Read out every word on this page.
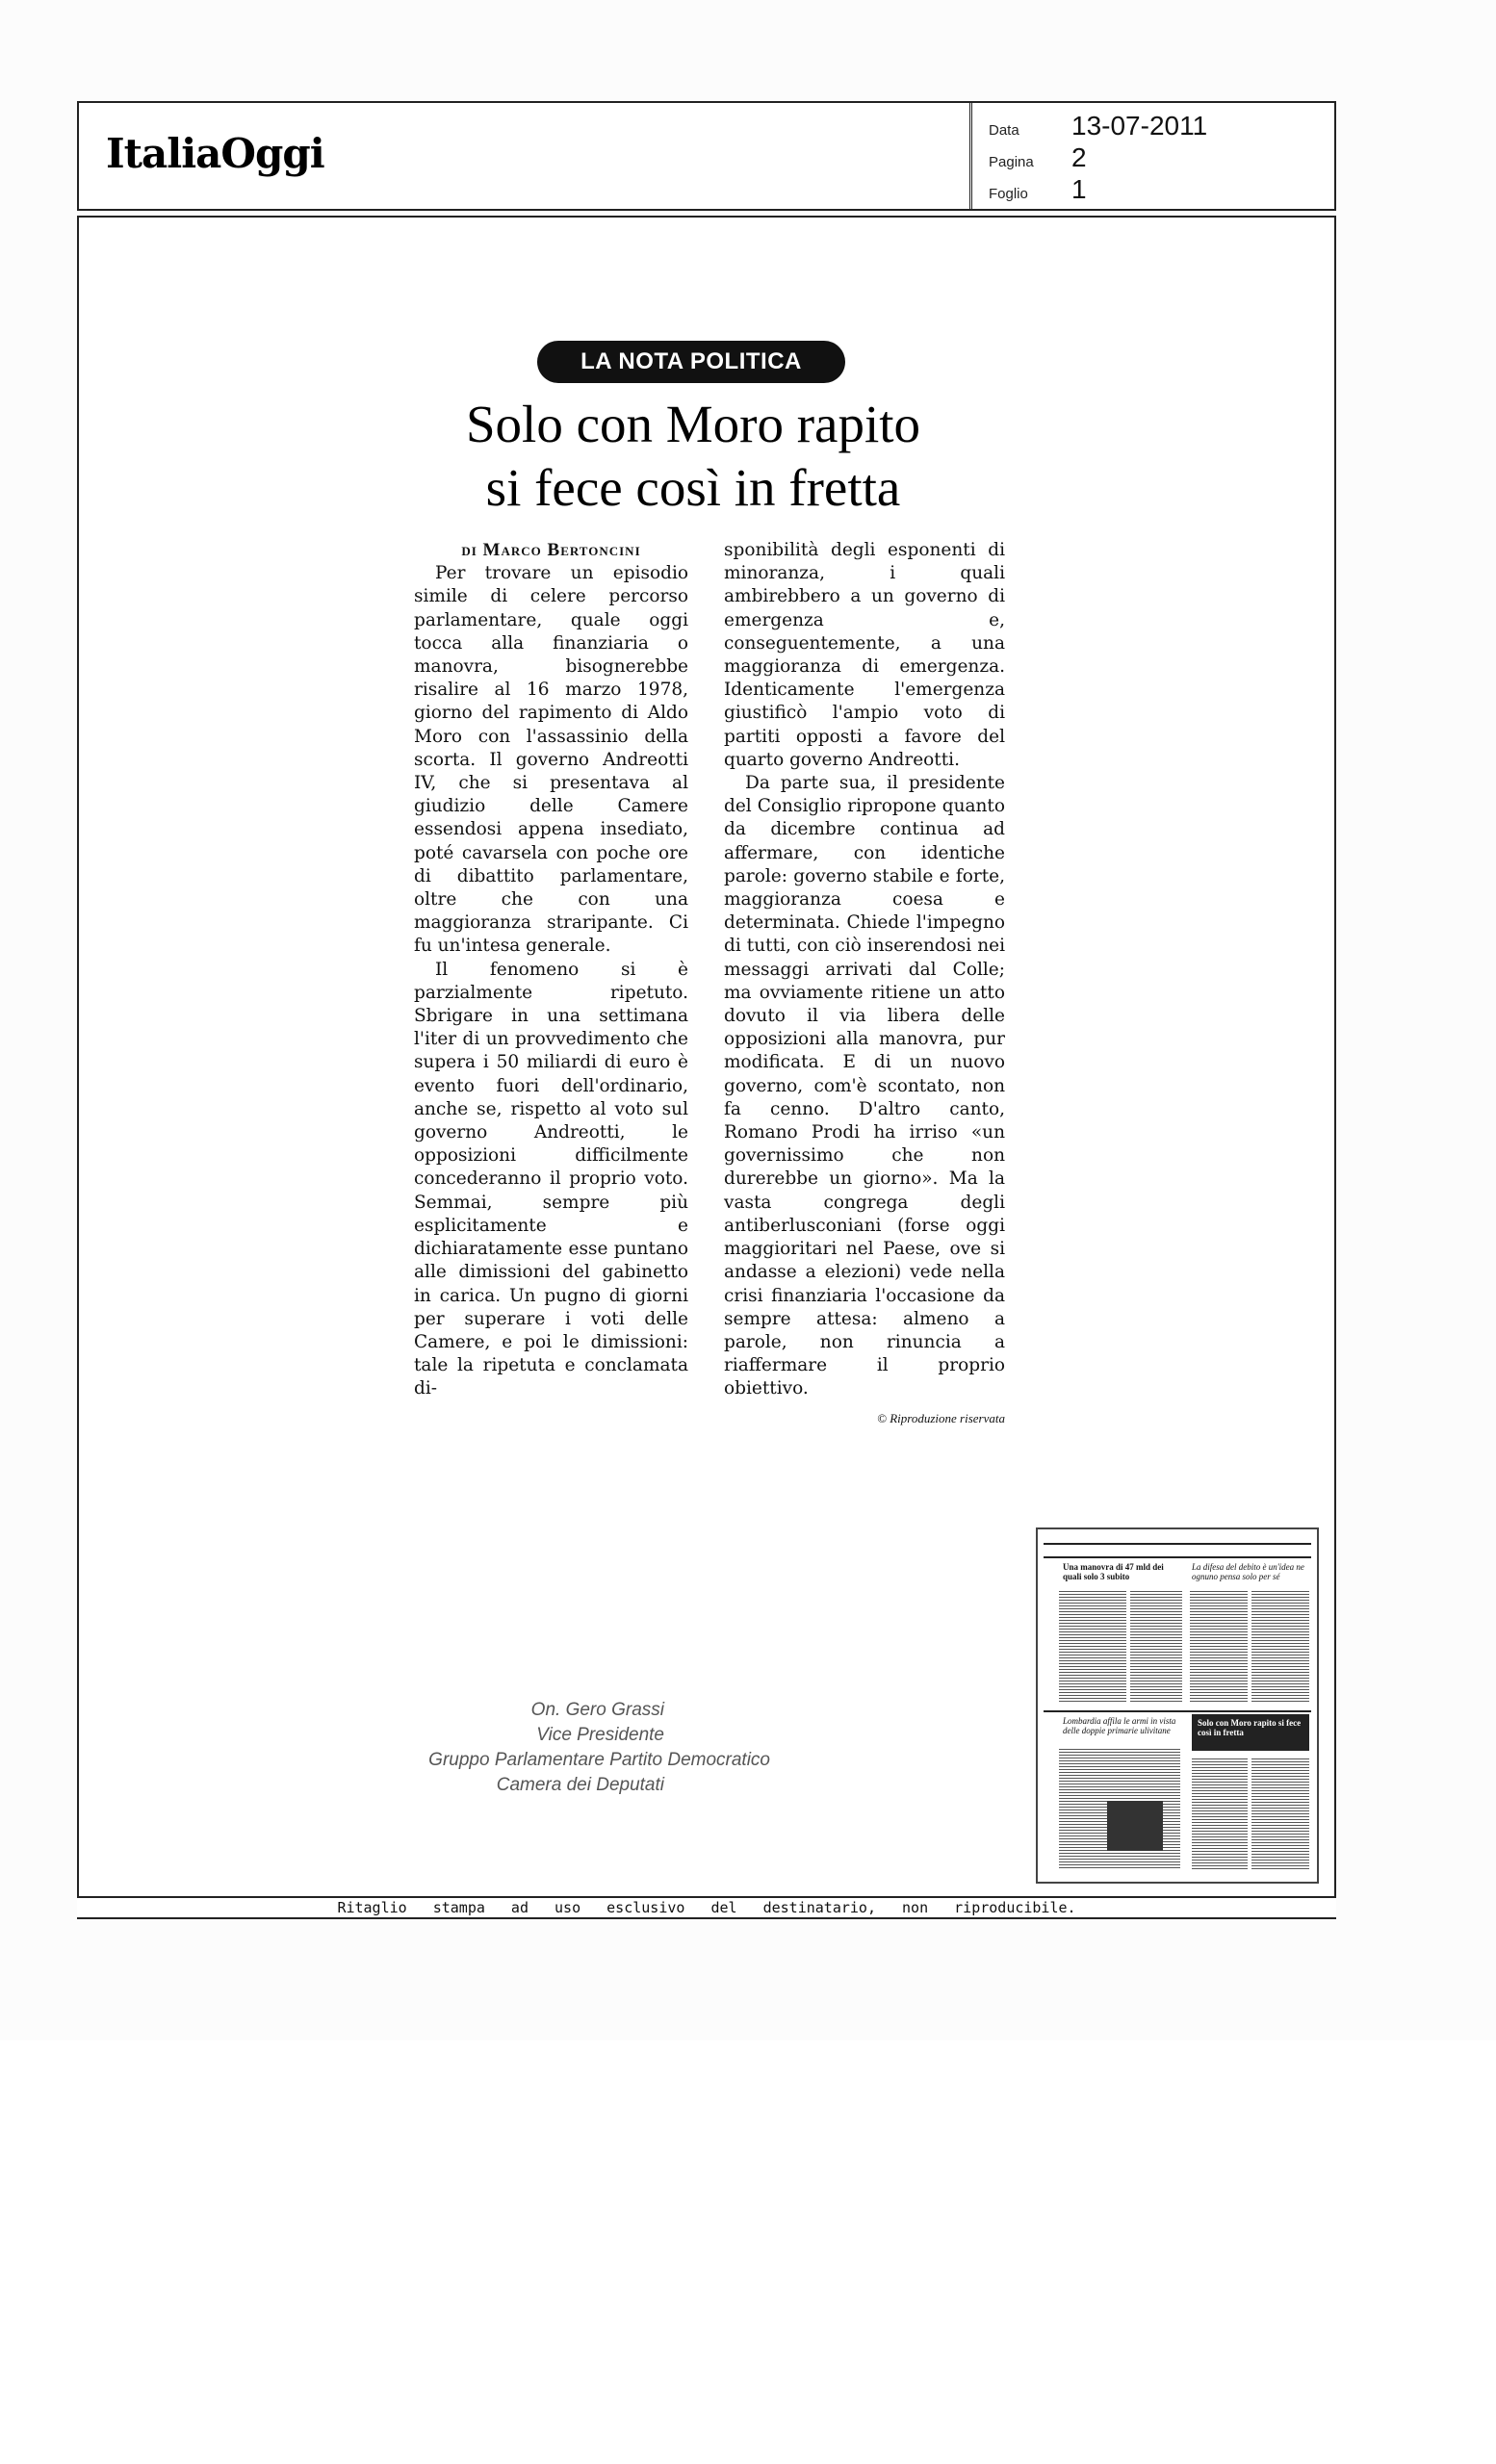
ItaliaOggi	Data	13-07-2011
Pagina	2
Foglio	1
LA NOTA POLITICA
Solo con Moro rapito
si fece così in fretta

di Marco Bertoncini

Per trovare un episodio simile di celere percorso parlamentare, quale oggi tocca alla finanziaria o manovra, bisognerebbe risalire al 16 marzo 1978, giorno del rapimento di Aldo Moro con l'assassinio della scorta. Il governo Andreotti IV, che si presentava al giudizio delle Camere essendosi appena insediato, poté cavarsela con poche ore di dibattito parlamentare, oltre che con una maggioranza straripante. Ci fu un'intesa generale.

Il fenomeno si è parzialmente ripetuto. Sbrigare in una settimana l'iter di un provvedimento che supera i 50 miliardi di euro è evento fuori dell'ordinario, anche se, rispetto al voto sul governo Andreotti, le opposizioni difficilmente concederanno il proprio voto. Semmai, sempre più esplicitamente e dichiaratamente esse puntano alle dimissioni del gabinetto in carica. Un pugno di giorni per superare i voti delle Camere, e poi le dimissioni: tale la ripetuta e conclamata di-

sponibilità degli esponenti di minoranza, i quali ambirebbero a un governo di emergenza e, conseguentemente, a una maggioranza di emergenza. Identicamente l'emergenza giustificò l'ampio voto di partiti opposti a favore del quarto governo Andreotti.

Da parte sua, il presidente del Consiglio ripropone quanto da dicembre continua ad affermare, con identiche parole: governo stabile e forte, maggioranza coesa e determinata. Chiede l'impegno di tutti, con ciò inserendosi nei messaggi arrivati dal Colle; ma ovviamente ritiene un atto dovuto il via libera delle opposizioni alla manovra, pur modificata. E di un nuovo governo, com'è scontato, non fa cenno. D'altro canto, Romano Prodi ha irriso «un governissimo che non durerebbe un giorno». Ma la vasta congrega degli antiberlusconiani (forse oggi maggioritari nel Paese, ove si andasse a elezioni) vede nella crisi finanziaria l'occasione da sempre attesa: almeno a parole, non rinuncia a riaffermare il proprio obiettivo.

© Riproduzione riservata
On. Gero Grassi
Vice Presidente
Gruppo Parlamentare Partito Democratico
Camera dei Deputati
Una manovra di 47 mld dei quali solo 3 subito
La difesa del debito è un'idea ne ognuno pensa solo per sé
Lombardia affila le armi in vista delle doppie primarie ulivitane
Solo con Moro rapito si fece così in fretta
Ritaglio stampa ad uso esclusivo del destinatario, non riproducibile.
